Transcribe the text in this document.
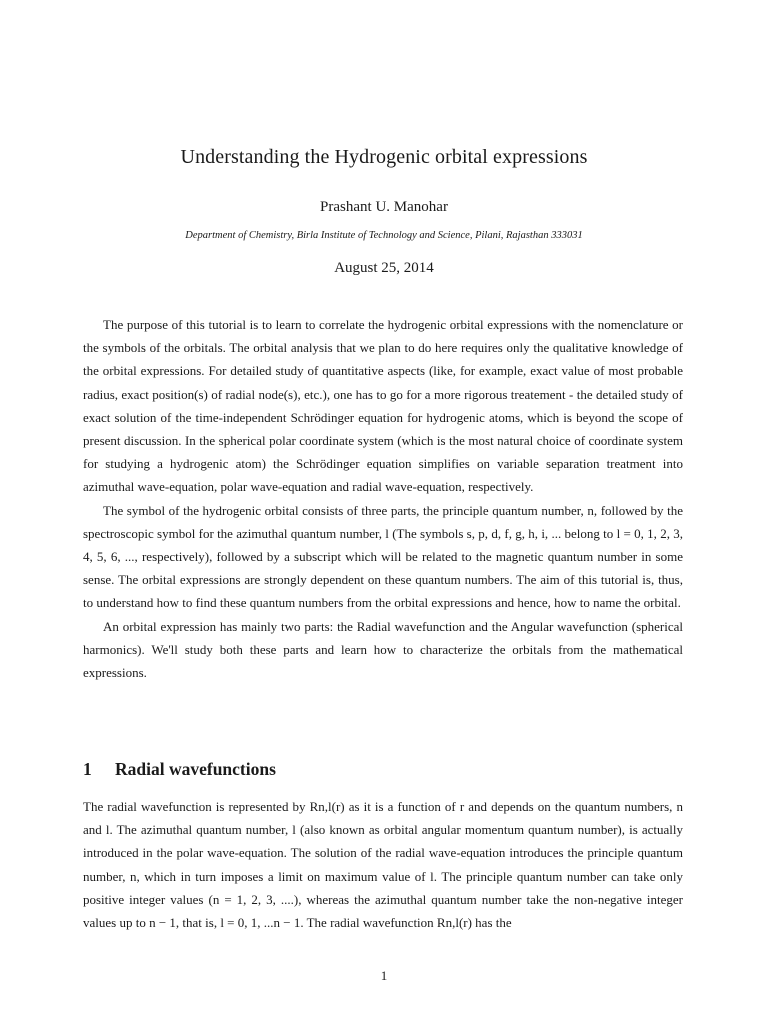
Understanding the Hydrogenic orbital expressions
Prashant U. Manohar
Department of Chemistry, Birla Institute of Technology and Science, Pilani, Rajasthan 333031
August 25, 2014

The purpose of this tutorial is to learn to correlate the hydrogenic orbital expressions with the nomenclature or the symbols of the orbitals. The orbital analysis that we plan to do here requires only the qualitative knowledge of the orbital expressions. For detailed study of quantitative aspects (like, for example, exact value of most probable radius, exact position(s) of radial node(s), etc.), one has to go for a more rigorous treatement - the detailed study of exact solution of the time-independent Schrödinger equation for hydrogenic atoms, which is beyond the scope of present discussion. In the spherical polar coordinate system (which is the most natural choice of coordinate system for studying a hydrogenic atom) the Schrödinger equation simplifies on variable separation treatment into azimuthal wave-equation, polar wave-equation and radial wave-equation, respectively.

The symbol of the hydrogenic orbital consists of three parts, the principle quantum number, n, followed by the spectroscopic symbol for the azimuthal quantum number, l (The symbols s, p, d, f, g, h, i, ... belong to l = 0, 1, 2, 3, 4, 5, 6, ..., respectively), followed by a subscript which will be related to the magnetic quantum number in some sense. The orbital expressions are strongly dependent on these quantum numbers. The aim of this tutorial is, thus, to understand how to find these quantum numbers from the orbital expressions and hence, how to name the orbital.

An orbital expression has mainly two parts: the Radial wavefunction and the Angular wavefunction (spherical harmonics). We'll study both these parts and learn how to characterize the orbitals from the mathematical expressions.

1 Radial wavefunctions

The radial wavefunction is represented by Rn,l(r) as it is a function of r and depends on the quantum numbers, n and l. The azimuthal quantum number, l (also known as orbital angular momentum quantum number), is actually introduced in the polar wave-equation. The solution of the radial wave-equation introduces the principle quantum number, n, which in turn imposes a limit on maximum value of l. The principle quantum number can take only positive integer values (n = 1, 2, 3, ....), whereas the azimuthal quantum number take the non-negative integer values up to n − 1, that is, l = 0, 1, ...n − 1. The radial wavefunction Rn,l(r) has the

1
